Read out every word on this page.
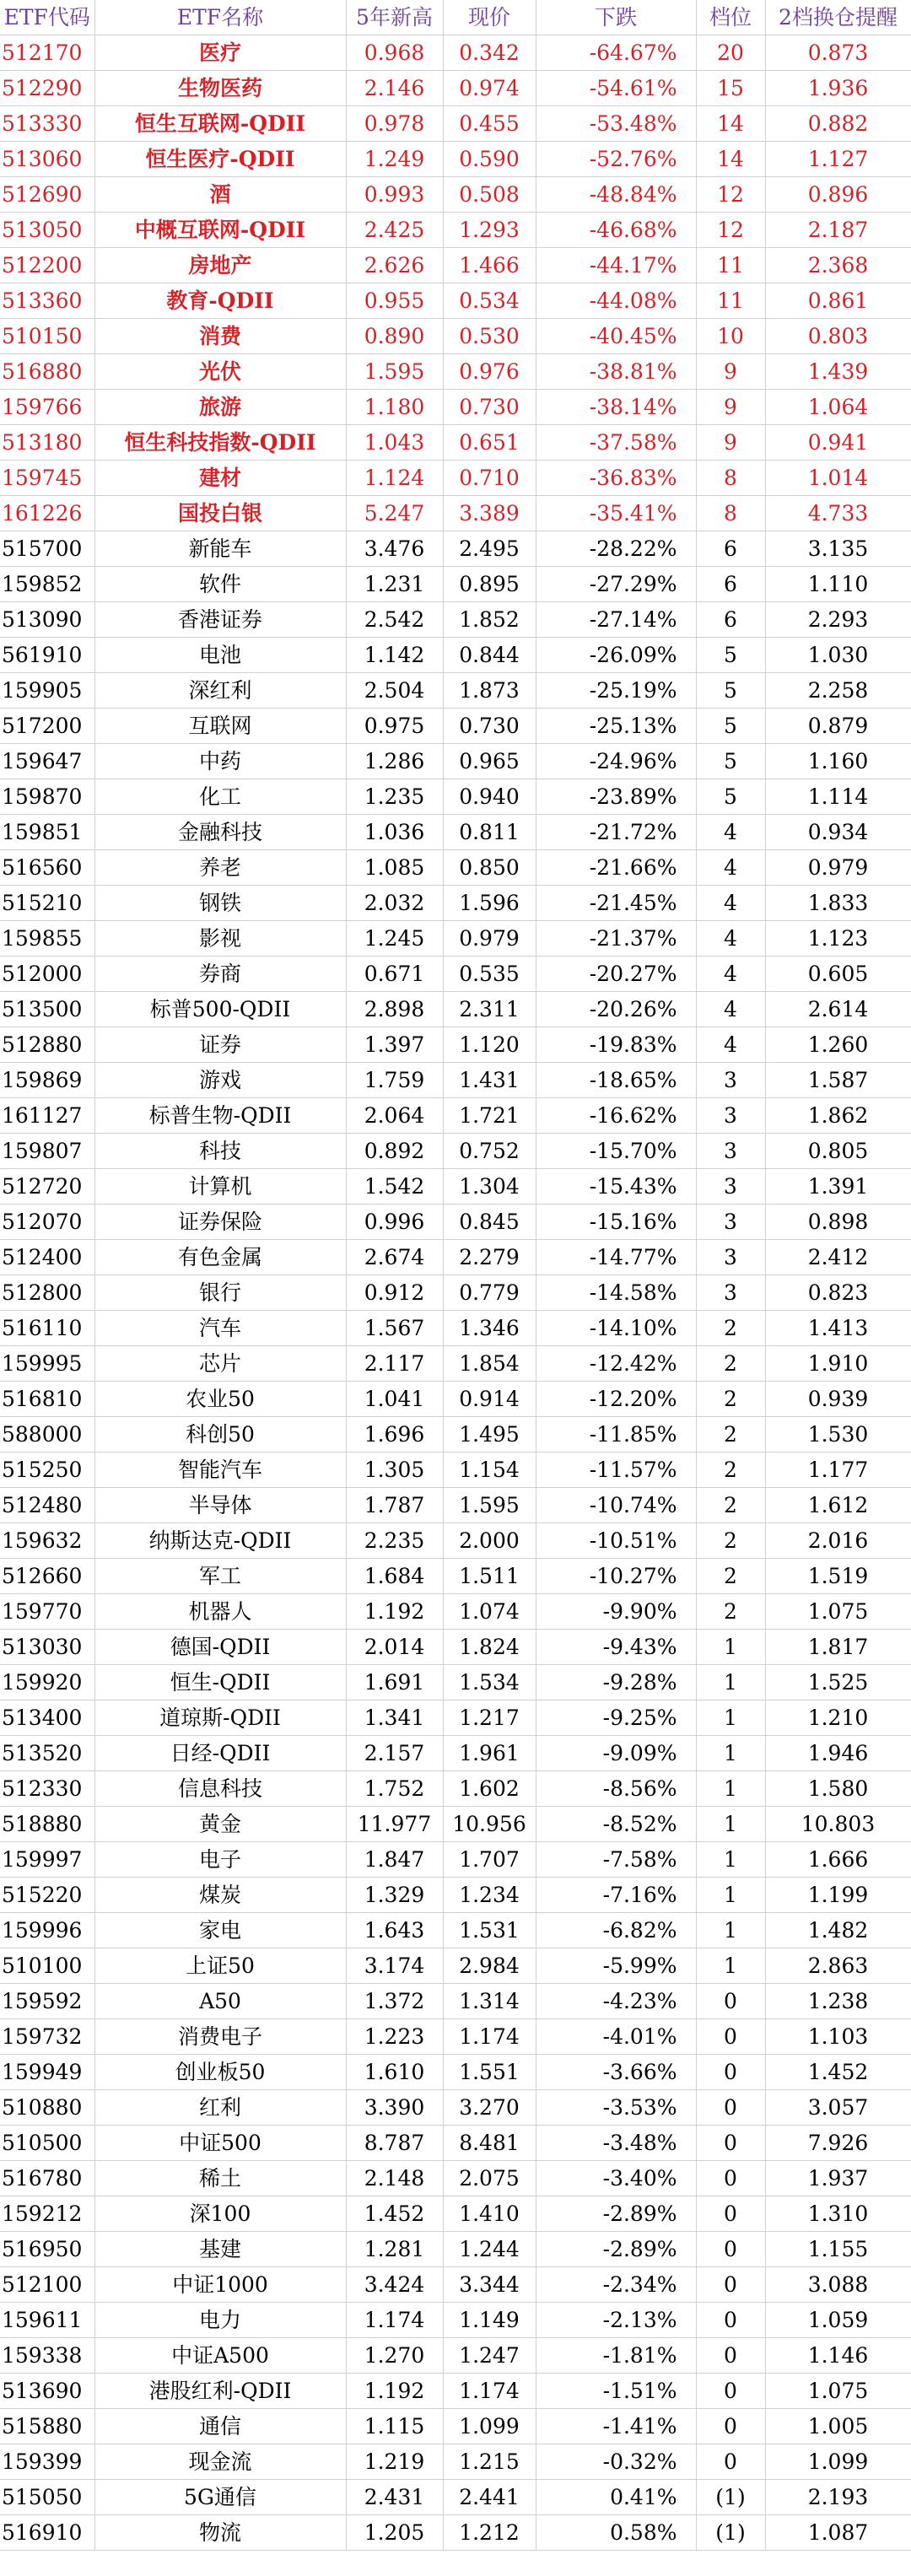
ETF代码	ETF名称	5年新高	现价	下跌	档位	2档换仓提醒
512170	医疗	0.968	0.342	-64.67%	20	0.873
512290	生物医药	2.146	0.974	-54.61%	15	1.936
513330	恒生互联网-QDII	0.978	0.455	-53.48%	14	0.882
513060	恒生医疗-QDII	1.249	0.590	-52.76%	14	1.127
512690	酒	0.993	0.508	-48.84%	12	0.896
513050	中概互联网-QDII	2.425	1.293	-46.68%	12	2.187
512200	房地产	2.626	1.466	-44.17%	11	2.368
513360	教育-QDII	0.955	0.534	-44.08%	11	0.861
510150	消费	0.890	0.530	-40.45%	10	0.803
516880	光伏	1.595	0.976	-38.81%	9	1.439
159766	旅游	1.180	0.730	-38.14%	9	1.064
513180	恒生科技指数-QDII	1.043	0.651	-37.58%	9	0.941
159745	建材	1.124	0.710	-36.83%	8	1.014
161226	国投白银	5.247	3.389	-35.41%	8	4.733
515700	新能车	3.476	2.495	-28.22%	6	3.135
159852	软件	1.231	0.895	-27.29%	6	1.110
513090	香港证券	2.542	1.852	-27.14%	6	2.293
561910	电池	1.142	0.844	-26.09%	5	1.030
159905	深红利	2.504	1.873	-25.19%	5	2.258
517200	互联网	0.975	0.730	-25.13%	5	0.879
159647	中药	1.286	0.965	-24.96%	5	1.160
159870	化工	1.235	0.940	-23.89%	5	1.114
159851	金融科技	1.036	0.811	-21.72%	4	0.934
516560	养老	1.085	0.850	-21.66%	4	0.979
515210	钢铁	2.032	1.596	-21.45%	4	1.833
159855	影视	1.245	0.979	-21.37%	4	1.123
512000	券商	0.671	0.535	-20.27%	4	0.605
513500	标普500-QDII	2.898	2.311	-20.26%	4	2.614
512880	证券	1.397	1.120	-19.83%	4	1.260
159869	游戏	1.759	1.431	-18.65%	3	1.587
161127	标普生物-QDII	2.064	1.721	-16.62%	3	1.862
159807	科技	0.892	0.752	-15.70%	3	0.805
512720	计算机	1.542	1.304	-15.43%	3	1.391
512070	证券保险	0.996	0.845	-15.16%	3	0.898
512400	有色金属	2.674	2.279	-14.77%	3	2.412
512800	银行	0.912	0.779	-14.58%	3	0.823
516110	汽车	1.567	1.346	-14.10%	2	1.413
159995	芯片	2.117	1.854	-12.42%	2	1.910
516810	农业50	1.041	0.914	-12.20%	2	0.939
588000	科创50	1.696	1.495	-11.85%	2	1.530
515250	智能汽车	1.305	1.154	-11.57%	2	1.177
512480	半导体	1.787	1.595	-10.74%	2	1.612
159632	纳斯达克-QDII	2.235	2.000	-10.51%	2	2.016
512660	军工	1.684	1.511	-10.27%	2	1.519
159770	机器人	1.192	1.074	-9.90%	2	1.075
513030	德国-QDII	2.014	1.824	-9.43%	1	1.817
159920	恒生-QDII	1.691	1.534	-9.28%	1	1.525
513400	道琼斯-QDII	1.341	1.217	-9.25%	1	1.210
513520	日经-QDII	2.157	1.961	-9.09%	1	1.946
512330	信息科技	1.752	1.602	-8.56%	1	1.580
518880	黄金	11.977	10.956	-8.52%	1	10.803
159997	电子	1.847	1.707	-7.58%	1	1.666
515220	煤炭	1.329	1.234	-7.16%	1	1.199
159996	家电	1.643	1.531	-6.82%	1	1.482
510100	上证50	3.174	2.984	-5.99%	1	2.863
159592	A50	1.372	1.314	-4.23%	0	1.238
159732	消费电子	1.223	1.174	-4.01%	0	1.103
159949	创业板50	1.610	1.551	-3.66%	0	1.452
510880	红利	3.390	3.270	-3.53%	0	3.057
510500	中证500	8.787	8.481	-3.48%	0	7.926
516780	稀土	2.148	2.075	-3.40%	0	1.937
159212	深100	1.452	1.410	-2.89%	0	1.310
516950	基建	1.281	1.244	-2.89%	0	1.155
512100	中证1000	3.424	3.344	-2.34%	0	3.088
159611	电力	1.174	1.149	-2.13%	0	1.059
159338	中证A500	1.270	1.247	-1.81%	0	1.146
513690	港股红利-QDII	1.192	1.174	-1.51%	0	1.075
515880	通信	1.115	1.099	-1.41%	0	1.005
159399	现金流	1.219	1.215	-0.32%	0	1.099
515050	5G通信	2.431	2.441	0.41%	(1)	2.193
516910	物流	1.205	1.212	0.58%	(1)	1.087
